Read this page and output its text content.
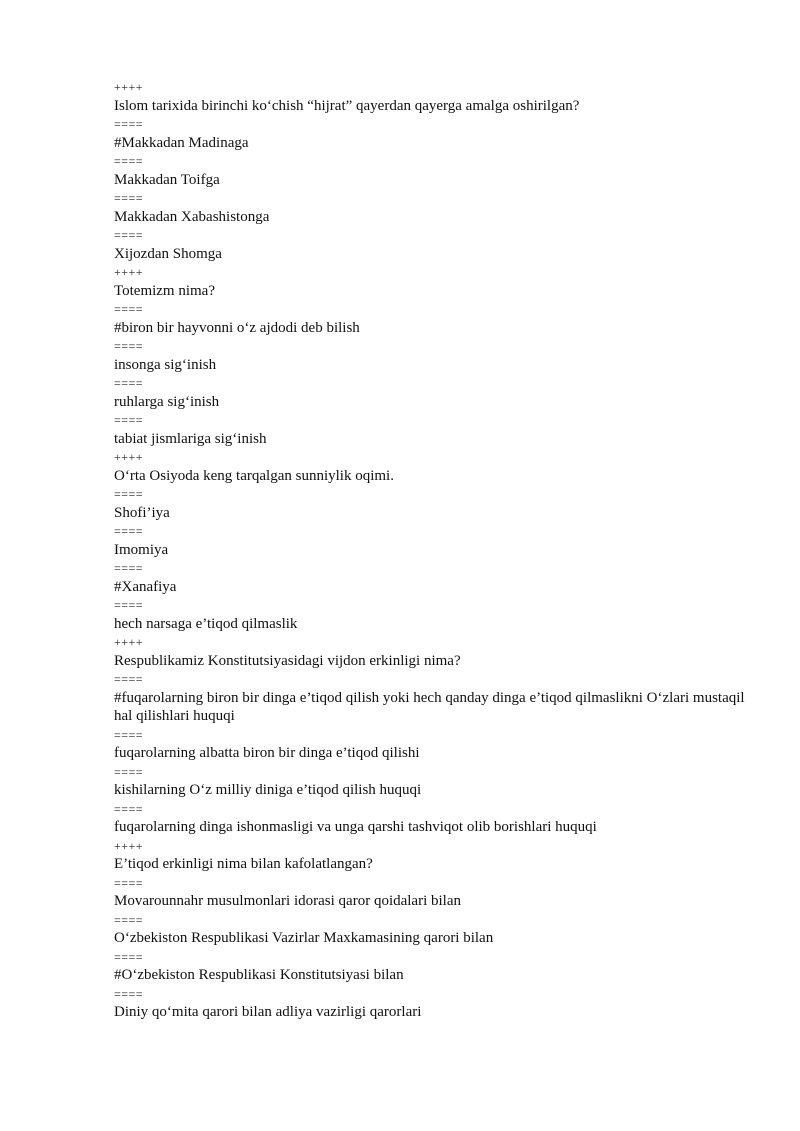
++++

Islom tarixida birinchi ko‘chish “hijrat” qayerdan qayerga amalga oshirilgan?

====

#Makkadan Madinaga

====

Makkadan Toifga

====

Makkadan Xabashistonga

====

Xijozdan Shomga

++++

Totemizm nima?

====

#biron bir hayvonni o‘z ajdodi deb bilish

====

insonga sig‘inish

====

ruhlarga sig‘inish

====

tabiat jismlariga sig‘inish

++++

O‘rta Osiyoda keng tarqalgan sunniylik oqimi.

====

Shofi’iya

====

Imomiya

====

#Xanafiya

====

hech narsaga e’tiqod qilmaslik

++++

Respublikamiz Konstitutsiyasidagi vijdon erkinligi nima?

====

#fuqarolarning biron bir dinga e’tiqod qilish yoki hech qanday dinga e’tiqod qilmaslikni O‘zlari mustaqil hal qilishlari huquqi

====

fuqarolarning albatta biron bir dinga e’tiqod qilishi

====

kishilarning O‘z milliy diniga e’tiqod qilish huquqi

====

fuqarolarning dinga ishonmasligi va unga qarshi tashviqot olib borishlari huquqi

++++

E’tiqod erkinligi nima bilan kafolatlangan?

====

Movarounnahr musulmonlari idorasi qaror qoidalari bilan

====

O‘zbekiston Respublikasi Vazirlar Maxkamasining qarori bilan

====

#O‘zbekiston Respublikasi Konstitutsiyasi bilan

====

Diniy qo‘mita qarori bilan adliya vazirligi qarorlari
